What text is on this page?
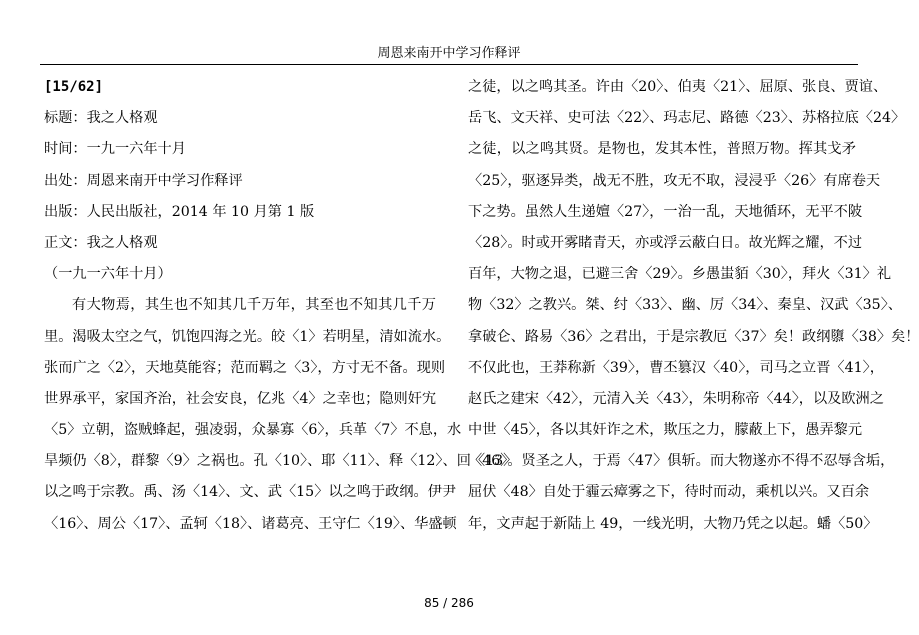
周恩来南开中学习作释评
[15/62]
标题：我之人格观
时间：一九一六年十月
出处：周恩来南开中学习作释评
出版：人民出版社，2014 年 10 月第 1 版
正文：我之人格观
（一九一六年十月）
有大物焉，其生也不知其几千万年，其至也不知其几千万
里。渴吸太空之气，饥饱四海之光。皎〈1〉若明星，清如流水。
张而广之〈2〉，天地莫能容；范而羁之〈3〉，方寸无不备。现则
世界承平，家国齐治，社会安良，亿兆〈4〉之幸也；隐则奸宄
〈5〉立朝，盗贼蜂起，强凌弱，众暴寡〈6〉，兵革〈7〉不息，水
旱频仍〈8〉，群黎〈9〉之祸也。孔〈10〉、耶〈11〉、释〈12〉、回〈13〉
以之鸣于宗教。禹、汤〈14〉、文、武〈15〉以之鸣于政纲。伊尹
〈16〉、周公〈17〉、孟轲〈18〉、诸葛亮、王守仁〈19〉、华盛顿
之徒，以之鸣其圣。许由〈20〉、伯夷〈21〉、屈原、张良、贾谊、
岳飞、文天祥、史可法〈22〉、玛志尼、路德〈23〉、苏格拉底〈24〉
之徒，以之鸣其贤。是物也，发其本性，普照万物。挥其戈矛
〈25〉，驱逐异类，战无不胜，攻无不取，浸浸乎〈26〉有席卷天
下之势。虽然人生递嬗〈27〉，一治一乱，天地循环，无平不陂
〈28〉。时或开雾睹青天，亦或浮云蔽白日。故光辉之耀，不过
百年，大物之退，已避三舍〈29〉。乡愚蚩貊〈30〉，拜火〈31〉礼
物〈32〉之教兴。桀、纣〈33〉、幽、厉〈34〉、秦皇、汉武〈35〉、
拿破仑、路易〈36〉之君出，于是宗教厄〈37〉矣！政纲隳〈38〉矣！
不仅此也，王莽称新〈39〉，曹丕篡汉〈40〉，司马之立晋〈41〉，
赵氏之建宋〈42〉，元清入关〈43〉，朱明称帝〈44〉，以及欧洲之
中世〈45〉，各以其奸诈之术，欺压之力，朦蔽上下，愚弄黎元
〈46〉。贤圣之人，于焉〈47〉俱斩。而大物遂亦不得不忍辱含垢，
屈伏〈48〉自处于霾云瘴雾之下，待时而动，乘机以兴。又百余
年，文声起于新陆上 49，一线光明，大物乃凭之以起。蟠〈50〉
85 / 286
